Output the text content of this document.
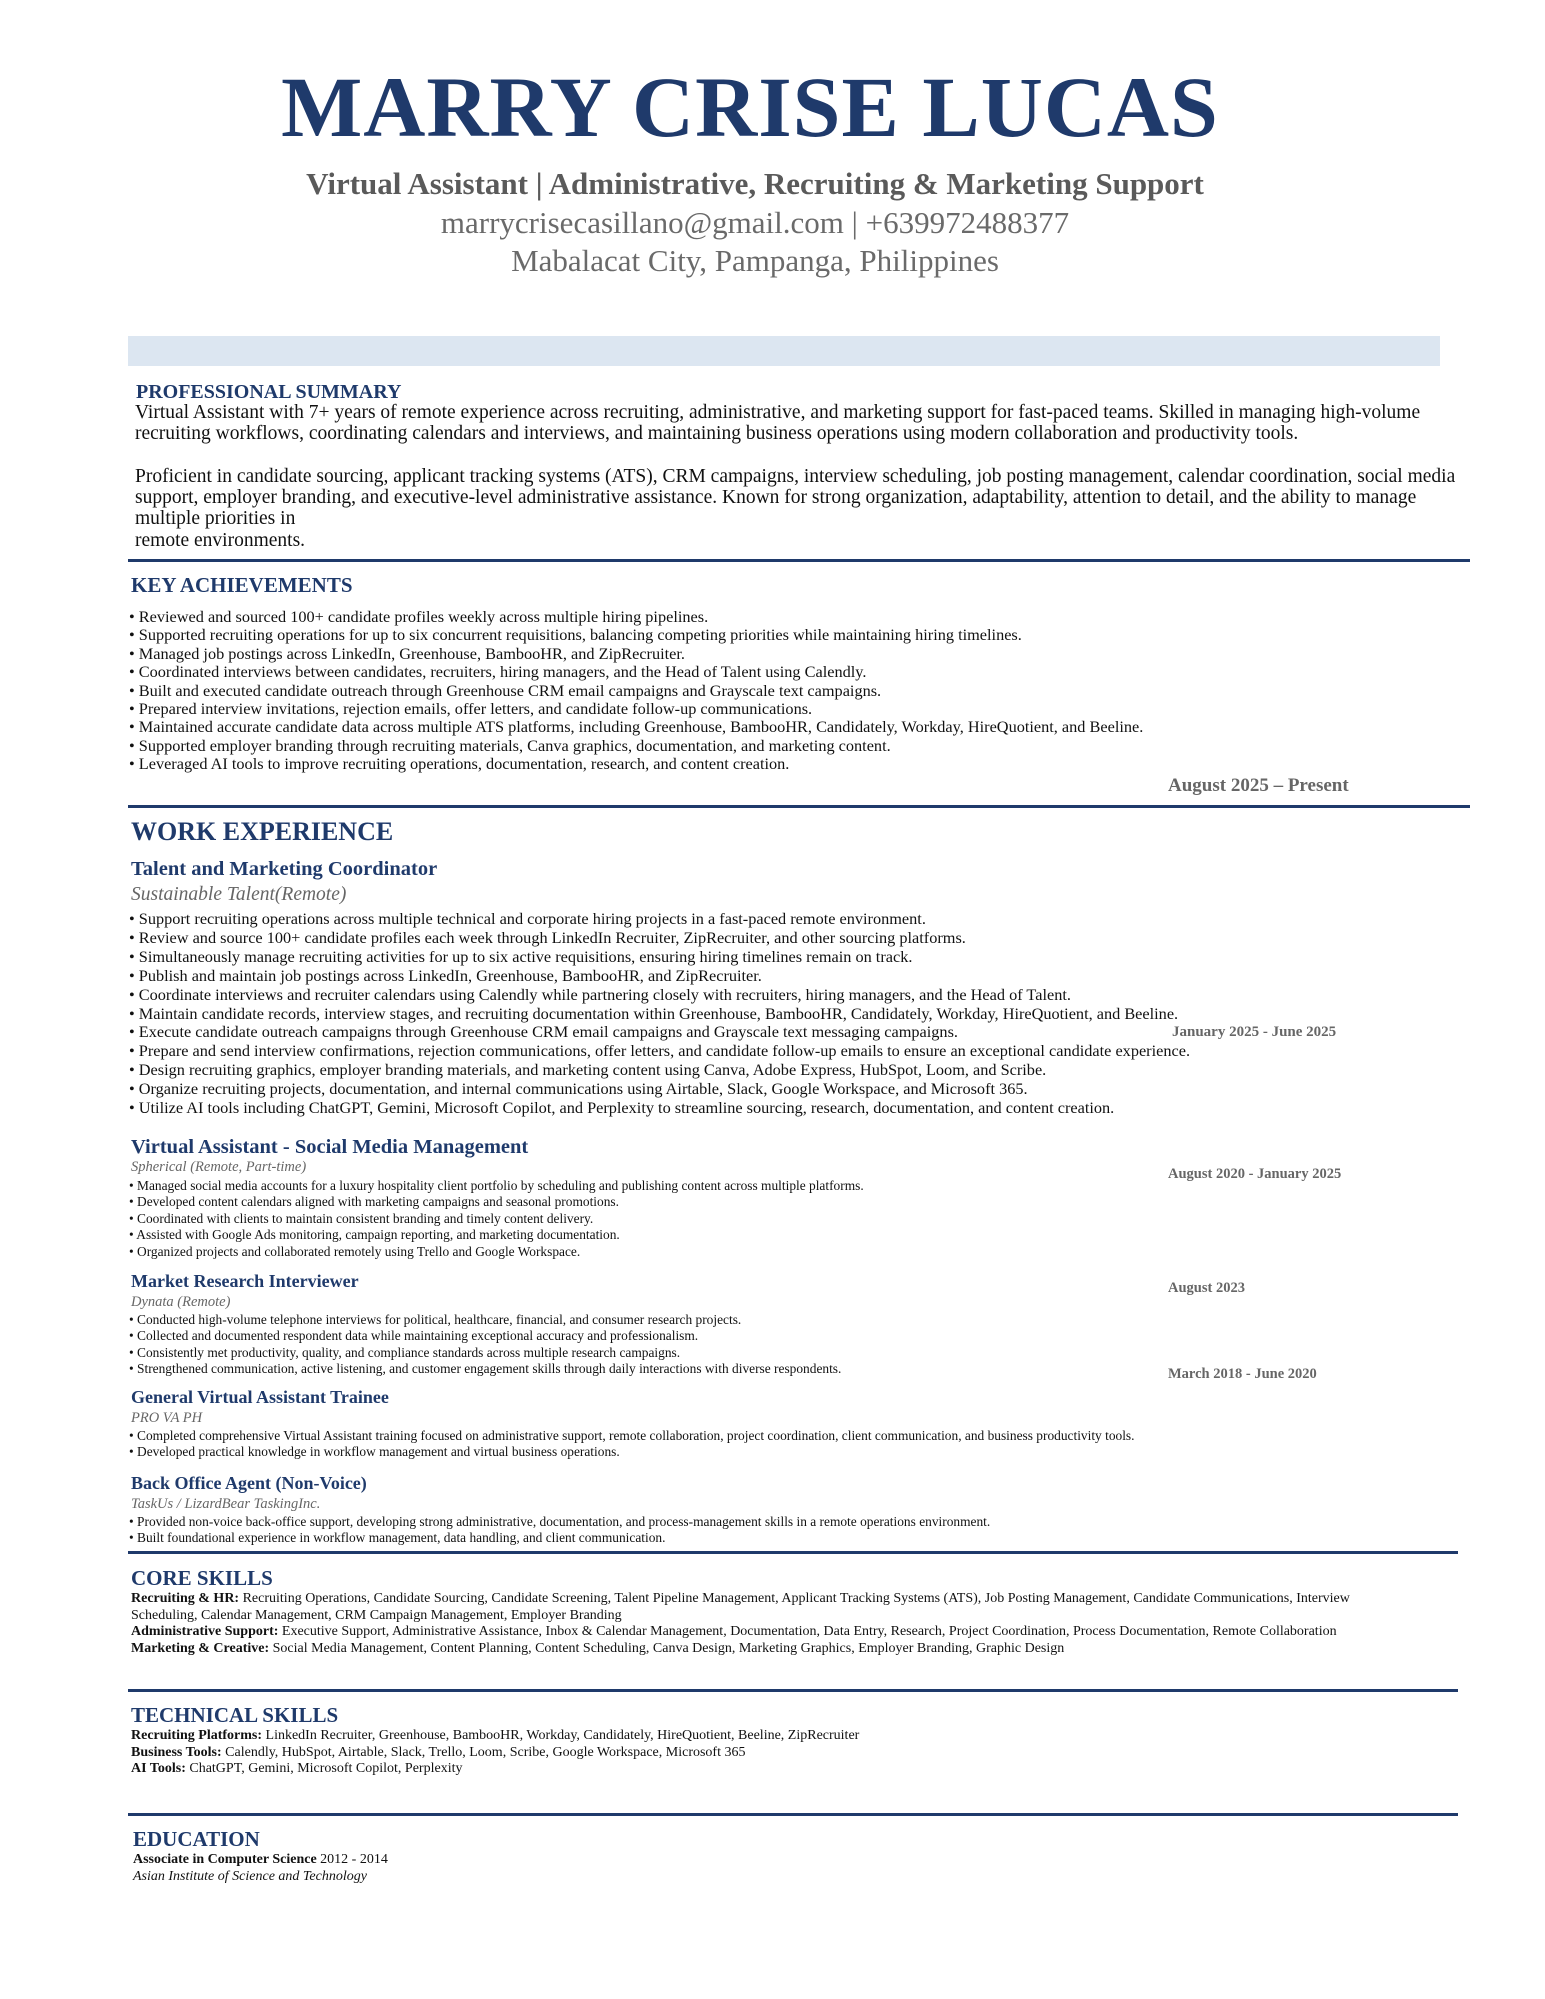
MARRY CRISE LUCAS
Virtual Assistant | Administrative, Recruiting & Marketing Support
marrycrisecasillano@gmail.com | +639972488377
Mabalacat City, Pampanga, Philippines
PROFESSIONAL SUMMARY
Virtual Assistant with 7+ years of remote experience across recruiting, administrative, and marketing support for fast-paced teams. Skilled in managing high-volume recruiting workflows, coordinating calendars and interviews, and maintaining business operations using modern collaboration and productivity tools.
Proficient in candidate sourcing, applicant tracking systems (ATS), CRM campaigns, interview scheduling, job posting management, calendar coordination, social media support, employer branding, and executive-level administrative assistance. Known for strong organization, adaptability, attention to detail, and the ability to manage multiple priorities in
remote environments.
KEY ACHIEVEMENTS
• Reviewed and sourced 100+ candidate profiles weekly across multiple hiring pipelines.
• Supported recruiting operations for up to six concurrent requisitions, balancing competing priorities while maintaining hiring timelines.
• Managed job postings across LinkedIn, Greenhouse, BambooHR, and ZipRecruiter.
• Coordinated interviews between candidates, recruiters, hiring managers, and the Head of Talent using Calendly.
• Built and executed candidate outreach through Greenhouse CRM email campaigns and Grayscale text campaigns.
• Prepared interview invitations, rejection emails, offer letters, and candidate follow-up communications.
• Maintained accurate candidate data across multiple ATS platforms, including Greenhouse, BambooHR, Candidately, Workday, HireQuotient, and Beeline.
• Supported employer branding through recruiting materials, Canva graphics, documentation, and marketing content.
• Leveraged AI tools to improve recruiting operations, documentation, research, and content creation.
August 2025 – Present
WORK EXPERIENCE
Talent and Marketing Coordinator
Sustainable Talent(Remote)
• Support recruiting operations across multiple technical and corporate hiring projects in a fast-paced remote environment.
• Review and source 100+ candidate profiles each week through LinkedIn Recruiter, ZipRecruiter, and other sourcing platforms.
• Simultaneously manage recruiting activities for up to six active requisitions, ensuring hiring timelines remain on track.
• Publish and maintain job postings across LinkedIn, Greenhouse, BambooHR, and ZipRecruiter.
• Coordinate interviews and recruiter calendars using Calendly while partnering closely with recruiters, hiring managers, and the Head of Talent.
• Maintain candidate records, interview stages, and recruiting documentation within Greenhouse, BambooHR, Candidately, Workday, HireQuotient, and Beeline.
• Execute candidate outreach campaigns through Greenhouse CRM email campaigns and Grayscale text messaging campaigns.
• Prepare and send interview confirmations, rejection communications, offer letters, and candidate follow-up emails to ensure an exceptional candidate experience.
• Design recruiting graphics, employer branding materials, and marketing content using Canva, Adobe Express, HubSpot, Loom, and Scribe.
• Organize recruiting projects, documentation, and internal communications using Airtable, Slack, Google Workspace, and Microsoft 365.
• Utilize AI tools including ChatGPT, Gemini, Microsoft Copilot, and Perplexity to streamline sourcing, research, documentation, and content creation.
January 2025 - June 2025
Virtual Assistant - Social Media Management
Spherical (Remote, Part-time)	August 2020 - January 2025
• Managed social media accounts for a luxury hospitality client portfolio by scheduling and publishing content across multiple platforms.
• Developed content calendars aligned with marketing campaigns and seasonal promotions.
• Coordinated with clients to maintain consistent branding and timely content delivery.
• Assisted with Google Ads monitoring, campaign reporting, and marketing documentation.
• Organized projects and collaborated remotely using Trello and Google Workspace.
Market Research Interviewer
Dynata (Remote)
August 2023
• Conducted high-volume telephone interviews for political, healthcare, financial, and consumer research projects.
• Collected and documented respondent data while maintaining exceptional accuracy and professionalism.
• Consistently met productivity, quality, and compliance standards across multiple research campaigns.
• Strengthened communication, active listening, and customer engagement skills through daily interactions with diverse respondents.	March 2018 - June 2020
General Virtual Assistant Trainee
PRO VA PH
• Completed comprehensive Virtual Assistant training focused on administrative support, remote collaboration, project coordination, client communication, and business productivity tools.
• Developed practical knowledge in workflow management and virtual business operations.
Back Office Agent (Non-Voice)
TaskUs / LizardBear TaskingInc.
• Provided non-voice back-office support, developing strong administrative, documentation, and process-management skills in a remote operations environment.
• Built foundational experience in workflow management, data handling, and client communication.
CORE SKILLS
Recruiting & HR: Recruiting Operations, Candidate Sourcing, Candidate Screening, Talent Pipeline Management, Applicant Tracking Systems (ATS), Job Posting Management, Candidate Communications, Interview Scheduling, Calendar Management, CRM Campaign Management, Employer Branding
Administrative Support: Executive Support, Administrative Assistance, Inbox & Calendar Management, Documentation, Data Entry, Research, Project Coordination, Process Documentation, Remote Collaboration
Marketing & Creative: Social Media Management, Content Planning, Content Scheduling, Canva Design, Marketing Graphics, Employer Branding, Graphic Design
TECHNICAL SKILLS
Recruiting Platforms: LinkedIn Recruiter, Greenhouse, BambooHR, Workday, Candidately, HireQuotient, Beeline, ZipRecruiter
Business Tools: Calendly, HubSpot, Airtable, Slack, Trello, Loom, Scribe, Google Workspace, Microsoft 365
AI Tools: ChatGPT, Gemini, Microsoft Copilot, Perplexity
EDUCATION
Associate in Computer Science 2012 - 2014
Asian Institute of Science and Technology
